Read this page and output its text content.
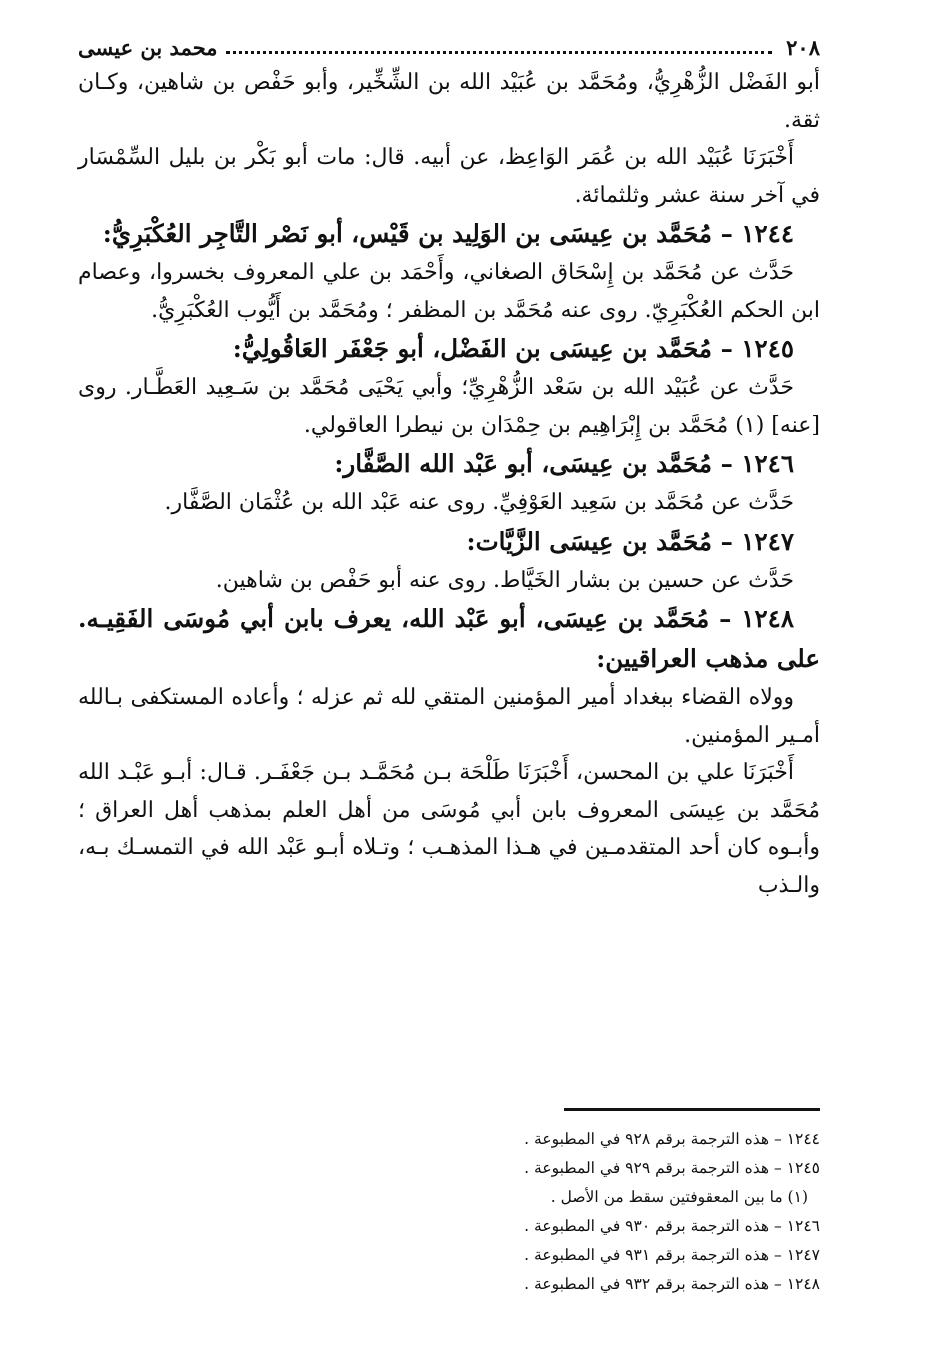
٢٠٨
محمد بن عيسى

أبو الفَضْل الزُّهْرِيُّ، ومُحَمَّد بن عُبَيْد الله بن الشِّخِّير، وأبو حَفْص بن شاهين، وكـان ثقة.

أَخْبَرَنَا عُبَيْد الله بن عُمَر الوَاعِظ، عن أبيه. قال: مات أبو بَكْر بن بليل السِّمْسَار في آخر سنة عشر وثلثمائة.

١٢٤٤ – مُحَمَّد بن عِيسَى بن الوَلِيد بن قَيْس، أبو نَصْر التَّاجِر العُكْبَرِيُّ:

حَدَّث عن مُحَمَّد بن إِسْحَاق الصغاني، وأَحْمَد بن علي المعروف بخسروا، وعصام ابن الحكم العُكْبَرِيّ. روى عنه مُحَمَّد بن المظفر ؛ ومُحَمَّد بن أَيُّوب العُكْبَرِيُّ.

١٢٤٥ – مُحَمَّد بن عِيسَى بن الفَضْل، أبو جَعْفَر العَاقُولِيُّ:

حَدَّث عن عُبَيْد الله بن سَعْد الزُّهْرِيِّ؛ وأبي يَحْيَى مُحَمَّد بن سَـعِيد العَطَّـار. روى [عنه] (١) مُحَمَّد بن إِبْرَاهِيم بن حِمْدَان بن نيطرا العاقولي.

١٢٤٦ – مُحَمَّد بن عِيسَى، أبو عَبْد الله الصَّفَّار:

حَدَّث عن مُحَمَّد بن سَعِيد العَوْفِيِّ. روى عنه عَبْد الله بن عُثْمَان الصَّفَّار.

١٢٤٧ – مُحَمَّد بن عِيسَى الزَّيَّات:

حَدَّث عن حسين بن بشار الخَيَّاط. روى عنه أبو حَفْص بن شاهين.

١٢٤٨ – مُحَمَّد بن عِيسَى، أبو عَبْد الله، يعرف بابن أبي مُوسَى الفَقِيـه. على مذهب العراقيين:

وولاه القضاء ببغداد أمير المؤمنين المتقي لله ثم عزله ؛ وأعاده المستكفى بـالله أمـير المؤمنين.

أَخْبَرَنَا علي بن المحسن، أَخْبَرَنَا طَلْحَة بـن مُحَمَّـد بـن جَعْفَـر. قـال: أبـو عَبْـد الله مُحَمَّد بن عِيسَى المعروف بابن أبي مُوسَى من أهل العلم بمذهب أهل العراق ؛ وأبـوه كان أحد المتقدمـين في هـذا المذهـب ؛ وتـلاه أبـو عَبْد الله في التمسـك بـه، والـذب

١٢٤٤ – هذه الترجمة برقم ٩٢٨ في المطبوعة .

١٢٤٥ – هذه الترجمة برقم ٩٢٩ في المطبوعة .

(١) ما بين المعقوفتين سقط من الأصل .

١٢٤٦ – هذه الترجمة برقم ٩٣٠ في المطبوعة .

١٢٤٧ – هذه الترجمة برقم ٩٣١ في المطبوعة .

١٢٤٨ – هذه الترجمة برقم ٩٣٢ في المطبوعة .
